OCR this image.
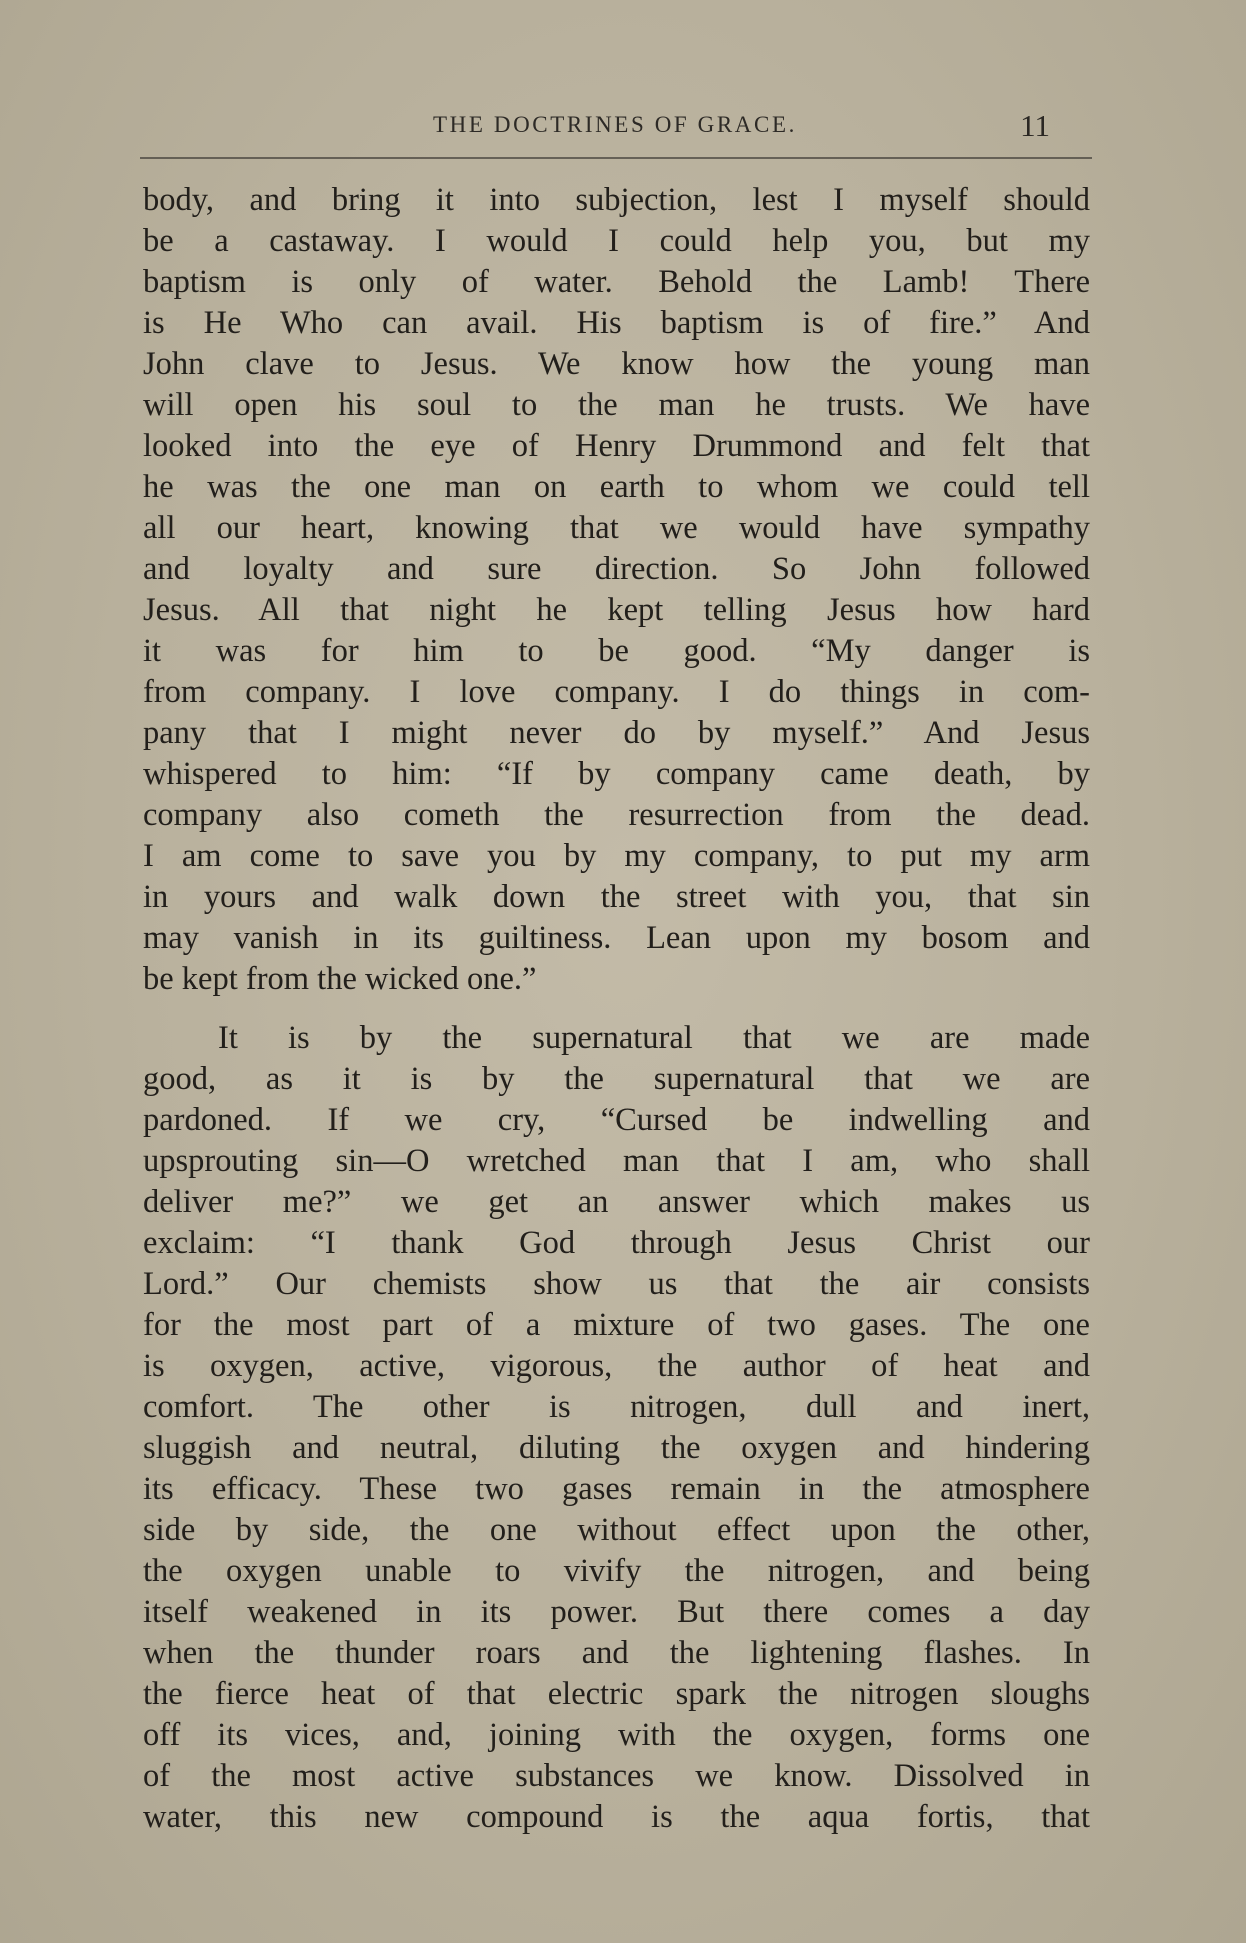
THE DOCTRINES OF GRACE.	11
body, and bring it into subjection, lest I myself should
be a castaway. I would I could help you, but my
baptism is only of water. Behold the Lamb! There
is He Who can avail. His baptism is of fire.” And
John clave to Jesus. We know how the young man
will open his soul to the man he trusts. We have
looked into the eye of Henry Drummond and felt that
he was the one man on earth to whom we could tell
all our heart, knowing that we would have sympathy
and loyalty and sure direction. So John followed
Jesus. All that night he kept telling Jesus how hard
it was for him to be good. “My danger is
from company. I love company. I do things in com-
pany that I might never do by myself.” And Jesus
whispered to him: “If by company came death, by
company also cometh the resurrection from the dead.
I am come to save you by my company, to put my arm
in yours and walk down the street with you, that sin
may vanish in its guiltiness. Lean upon my bosom and
be kept from the wicked one.”
It is by the supernatural that we are made
good, as it is by the supernatural that we are
pardoned. If we cry, “Cursed be indwelling and
upsprouting sin—O wretched man that I am, who shall
deliver me?” we get an answer which makes us
exclaim: “I thank God through Jesus Christ our
Lord.” Our chemists show us that the air consists
for the most part of a mixture of two gases. The one
is oxygen, active, vigorous, the author of heat and
comfort. The other is nitrogen, dull and inert,
sluggish and neutral, diluting the oxygen and hindering
its efficacy. These two gases remain in the atmosphere
side by side, the one without effect upon the other,
the oxygen unable to vivify the nitrogen, and being
itself weakened in its power. But there comes a day
when the thunder roars and the lightening flashes. In
the fierce heat of that electric spark the nitrogen sloughs
off its vices, and, joining with the oxygen, forms one
of the most active substances we know. Dissolved in
water, this new compound is the aqua fortis, that
